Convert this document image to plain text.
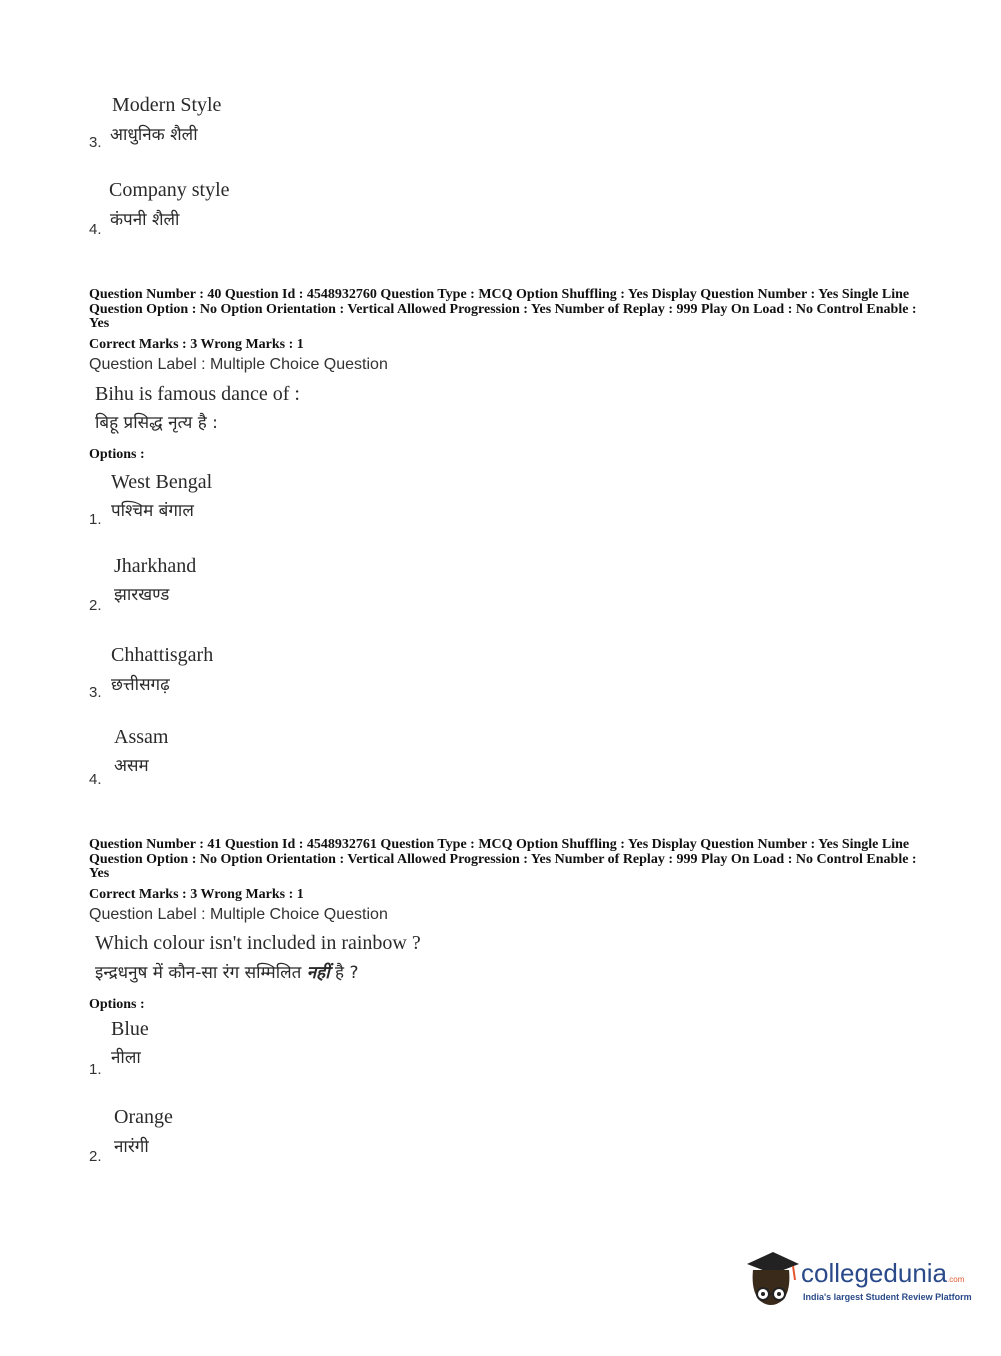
Modern Style
आधुनिक शैली
3.
Company style
कंपनी शैली
4.
Question Number : 40 Question Id : 4548932760 Question Type : MCQ Option Shuffling : Yes Display Question Number : Yes Single Line Question Option : No Option Orientation : Vertical Allowed Progression : Yes Number of Replay : 999 Play On Load : No Control Enable : Yes
Correct Marks : 3 Wrong Marks : 1
Question Label : Multiple Choice Question
Bihu is famous dance of :
बिहू प्रसिद्ध नृत्य है :
Options :
West Bengal
पश्चिम बंगाल
1.
Jharkhand
झारखण्ड
2.
Chhattisgarh
छत्तीसगढ़
3.
Assam
असम
4.
Question Number : 41 Question Id : 4548932761 Question Type : MCQ Option Shuffling : Yes Display Question Number : Yes Single Line Question Option : No Option Orientation : Vertical Allowed Progression : Yes Number of Replay : 999 Play On Load : No Control Enable : Yes
Correct Marks : 3 Wrong Marks : 1
Question Label : Multiple Choice Question
Which colour isn't included in rainbow ?
इन्द्रधनुष में कौन-सा रंग सम्मिलित नहीं है ?
Options :
Blue
नीला
1.
Orange
नारंगी
2.
collegedunia.com
India's largest Student Review Platform
